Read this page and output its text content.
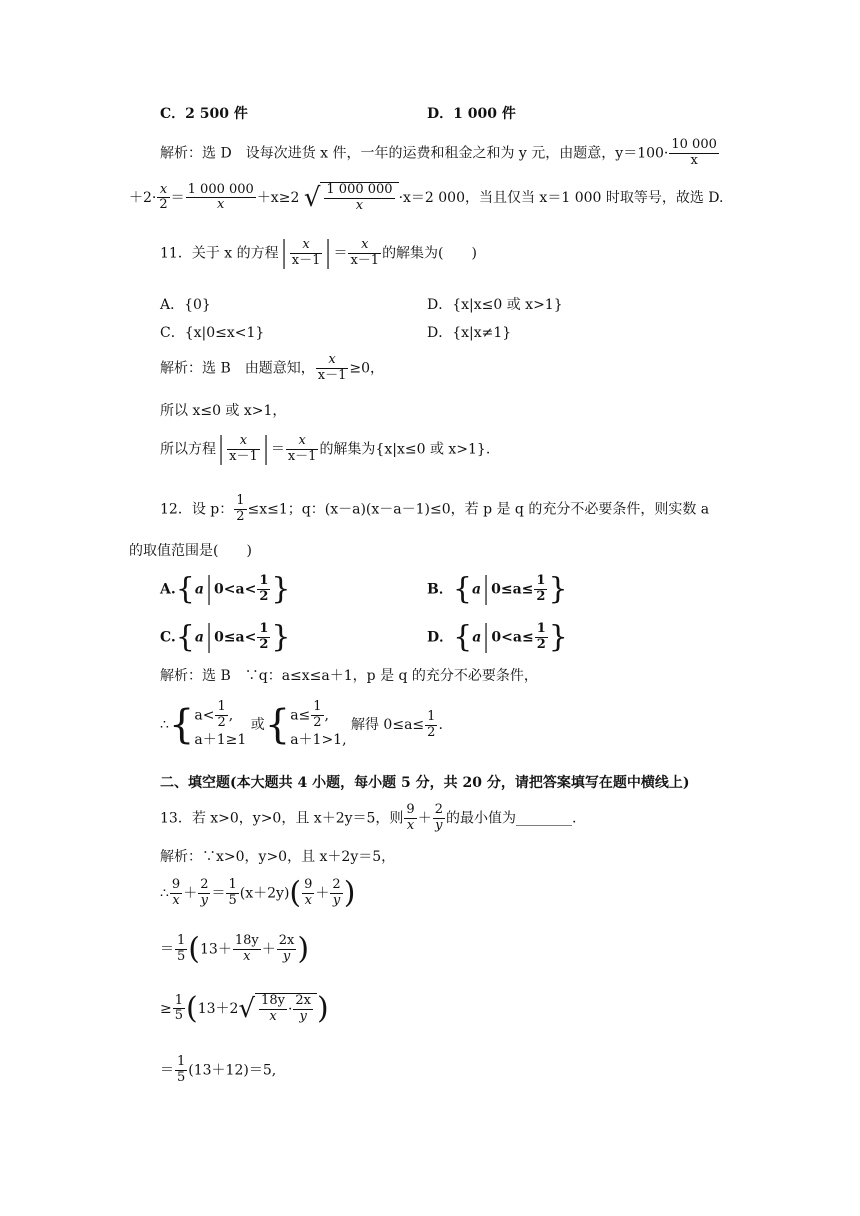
C．2 500 件	D．1 000 件
解析：选 D　设每次进货 x 件，一年的运费和租金之和为 y 元，由题意，$y=100\cdot \frac{10 000}{x}$
$+2\cdot \frac{x}{2} = \frac{1 000 000}{x} +x\ge 2$ √ $\frac{1 000 000}{x} \cdot x=2$ 000，当且仅当 x＝1 000 时取等号，故选 D.
11．关于 x 的方程| $\frac{x}{x-1}$ | ＝ $\frac{x}{x-1}$ 的解集为(　　)
A．{0}	D．{x|x≤0 或 x>1}
C．{x|0≤x<1}	D．{x|x≠1}
解析：选 B　由题意知， $\frac{x}{x-1} \ge 0$，
所以 x≤0 或 x>1，
所以方程| $\frac{x}{x-1}$ | ＝ $\frac{x}{x-1}$ 的解集为{x|x≤0 或 x>1}.
12．设 p： $\frac{1}{2} \le x\le 1$；q：(x－a)(x－a－1)≤0，若 p 是 q 的充分不必要条件，则实数 a
的取值范围是(　　)
A.{a| $0<a< \frac{1}{2}$ }	B．{a| $0\le a\le \frac{1}{2}$ }
C.{a| $0\le a< \frac{1}{2}$ }	D．{a| $0<a\le \frac{1}{2}$ }
解析：选 B　∵q：a≤x≤a＋1，p 是 q 的充分不必要条件，
∴{ $a< \frac{1}{2}$ ,
a＋1≥1
或{ $a\le \frac{1}{2}$ ,
a＋1>1,
解得 $0\le a\le \frac{1}{2}$ .
二、填空题(本大题共 4 小题，每小题 5 分，共 20 分，请把答案填写在题中横线上)
13．若 x>0，y>0，且 x＋2y＝5，则 $\frac{9}{x} + \frac{2}{y}$ 的最小值为________.
解析：∵x>0，y>0，且 x＋2y＝5，
∴ $\frac{9}{x} + \frac{2}{y} = \frac{1}{5} (x+2y)( \frac{9}{x} + \frac{2}{y}$ )
＝ $\frac{1}{5} (13+ \frac{18y}{x} + \frac{2x}{y}$ )
≥ $\frac{1}{5} (13+2√ \frac{18y}{x} \cdot \frac{2x}{y}$ )
＝ $\frac{1}{5} (13+12)=5$,
